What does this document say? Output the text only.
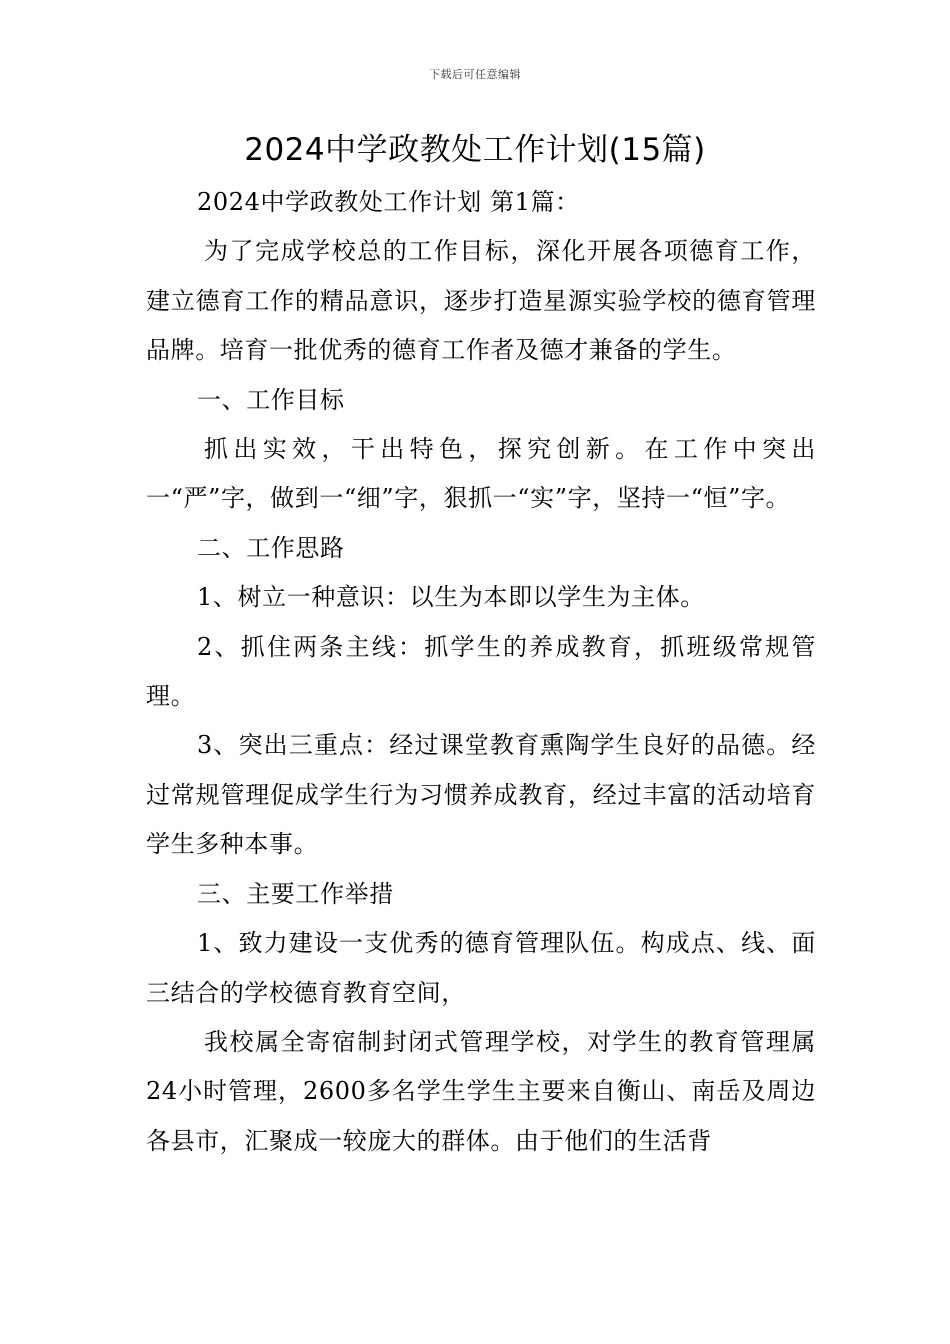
下载后可任意编辑
2024中学政教处工作计划(15篇)

2024中学政教处工作计划 第1篇：

为了完成学校总的工作目标，深化开展各项德育工作，建立德育工作的精品意识，逐步打造星源实验学校的德育管理品牌。培育一批优秀的德育工作者及德才兼备的学生。

一、工作目标

抓出实效，干出特色，探究创新。在工作中突出一“严”字，做到一“细”字，狠抓一“实”字，坚持一“恒”字。

二、工作思路

1、树立一种意识：以生为本即以学生为主体。

2、抓住两条主线：抓学生的养成教育，抓班级常规管理。

3、突出三重点：经过课堂教育熏陶学生良好的品德。经过常规管理促成学生行为习惯养成教育，经过丰富的活动培育学生多种本事。

三、主要工作举措

1、致力建设一支优秀的德育管理队伍。构成点、线、面三结合的学校德育教育空间，

我校属全寄宿制封闭式管理学校，对学生的教育管理属24小时管理，2600多名学生学生主要来自衡山、南岳及周边各县市，汇聚成一较庞大的群体。由于他们的生活背
